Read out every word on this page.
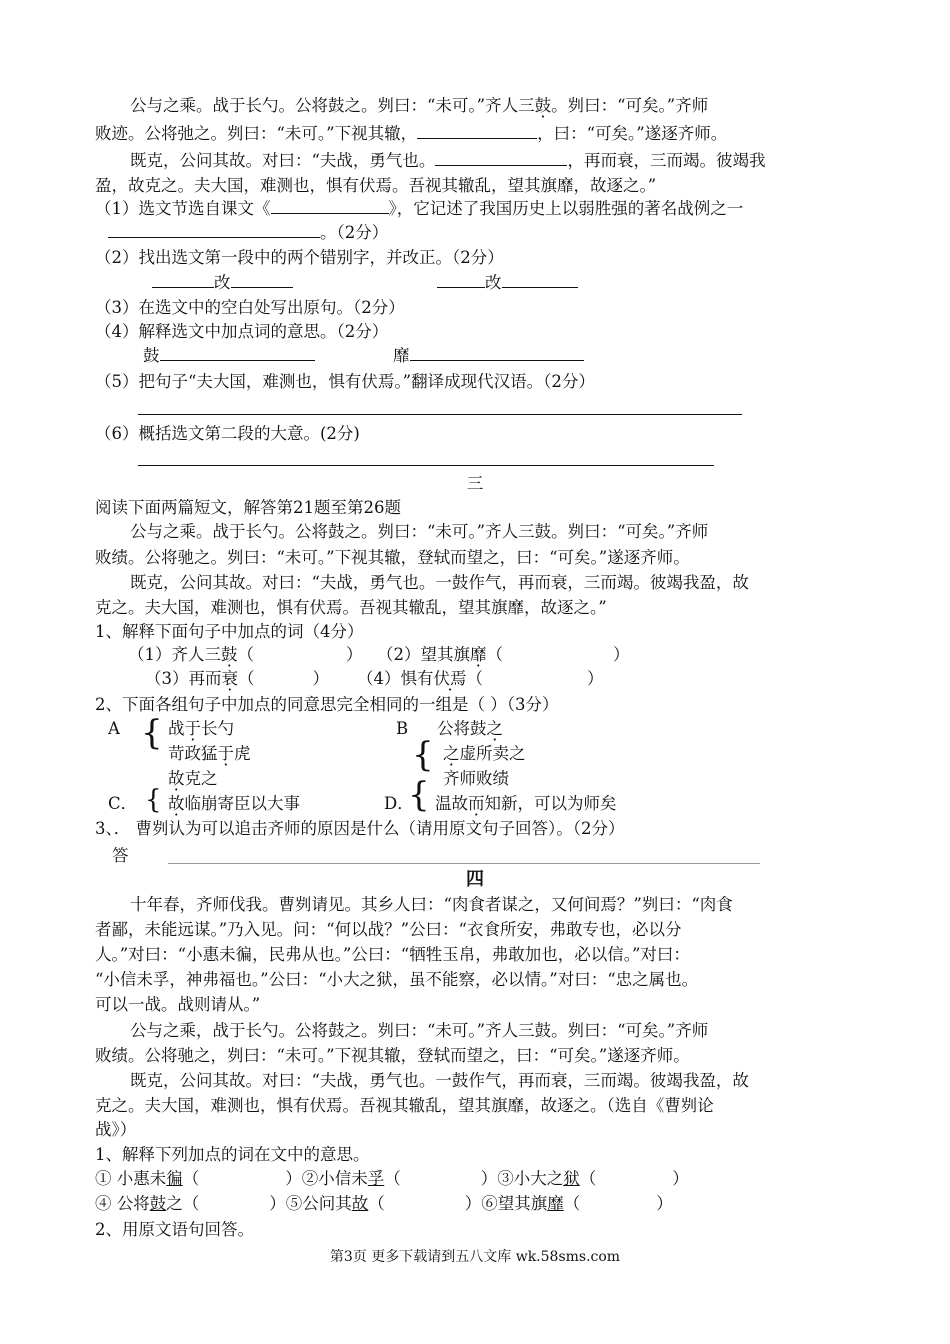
公与之乘。战于长勺。公将鼓之。刿曰：“未可。”齐人三鼓。刿曰：“可矣。”齐师
败迹。公将弛之。刿曰：“未可。”下视其辙，	，曰：“可矣。”遂逐齐师。
既克，公问其故。对曰：“夫战，勇气也。	，再而衰，三而竭。彼竭我
盈，故克之。夫大国，难测也，惧有伏焉。吾视其辙乱，望其旗靡，故逐之。”
（1）选文节选自课文《	》，它记述了我国历史上以弱胜强的著名战例之一
。（2分）
（2）找出选文第一段中的两个错别字，并改正。（2分）
改	改
（3）在选文中的空白处写出原句。（2分）
（4）解释选文中加点词的意思。（2分）
鼓	靡
（5）把句子“夫大国，难测也，惧有伏焉。”翻译成现代汉语。（2分）
（6）概括选文第二段的大意。(2分)
三
阅读下面两篇短文，解答第21题至第26题
公与之乘。战于长勺。公将鼓之。刿曰：“未可。”齐人三鼓。刿曰：“可矣。”齐师
败绩。公将驰之。刿曰：“未可。”下视其辙，登轼而望之，曰：“可矣。”遂逐齐师。
既克，公问其故。对曰：“夫战，勇气也。一鼓作气，再而衰，三而竭。彼竭我盈，故
克之。夫大国，难测也，惧有伏焉。吾视其辙乱，望其旗靡，故逐之。”
1、解释下面句子中加点的词（4分）
（1）齐人三鼓（	） （2）望其旗靡（	）
（3）再而衰（	） （4）惧有伏焉（	）
2、下面各组句子中加点的同意思完全相同的一组是（ ）（3分）
A { 战于长勺
苛政猛于虎
B 公将鼓之
{ 之虚所卖之
齐师败绩
故克之
C． { 故临崩寄臣以大事	D．
{ 温故而知新，可以为师矣
3、． 曹刿认为可以追击齐师的原因是什么（请用原文句子回答）。（2分）
答
四
十年春，齐师伐我。曹刿请见。其乡人曰：“肉食者谋之，又何间焉？”刿曰：“肉食
者鄙，未能远谋。”乃入见。问：“何以战？”公曰：“衣食所安，弗敢专也，必以分
人。”对曰：“小惠未徧，民弗从也。”公曰：“牺牲玉帛，弗敢加也，必以信。”对曰：
“小信未孚，神弗福也。”公曰：“小大之狱，虽不能察，必以情。”对曰：“忠之属也。
可以一战。战则请从。”
公与之乘，战于长勺。公将鼓之。刿曰：“未可。”齐人三鼓。刿曰：“可矣。”齐师
败绩。公将驰之，刿曰：“未可。”下视其辙，登轼而望之，曰：“可矣。”遂逐齐师。
既克，公问其故。对曰：“夫战，勇气也。一鼓作气，再而衰，三而竭。彼竭我盈，故
克之。夫大国，难测也，惧有伏焉。吾视其辙乱，望其旗靡，故逐之。（选自《曹刿论
战》）
1、解释下列加点的词在文中的意思。
① 小惠未徧（	）②小信未孚（	）③小大之狱（	）
④ 公将鼓之（	）⑤公问其故（	）⑥望其旗靡（	）
2、用原文语句回答。
第3页 更多下载请到五八文库 wk.58sms.com
